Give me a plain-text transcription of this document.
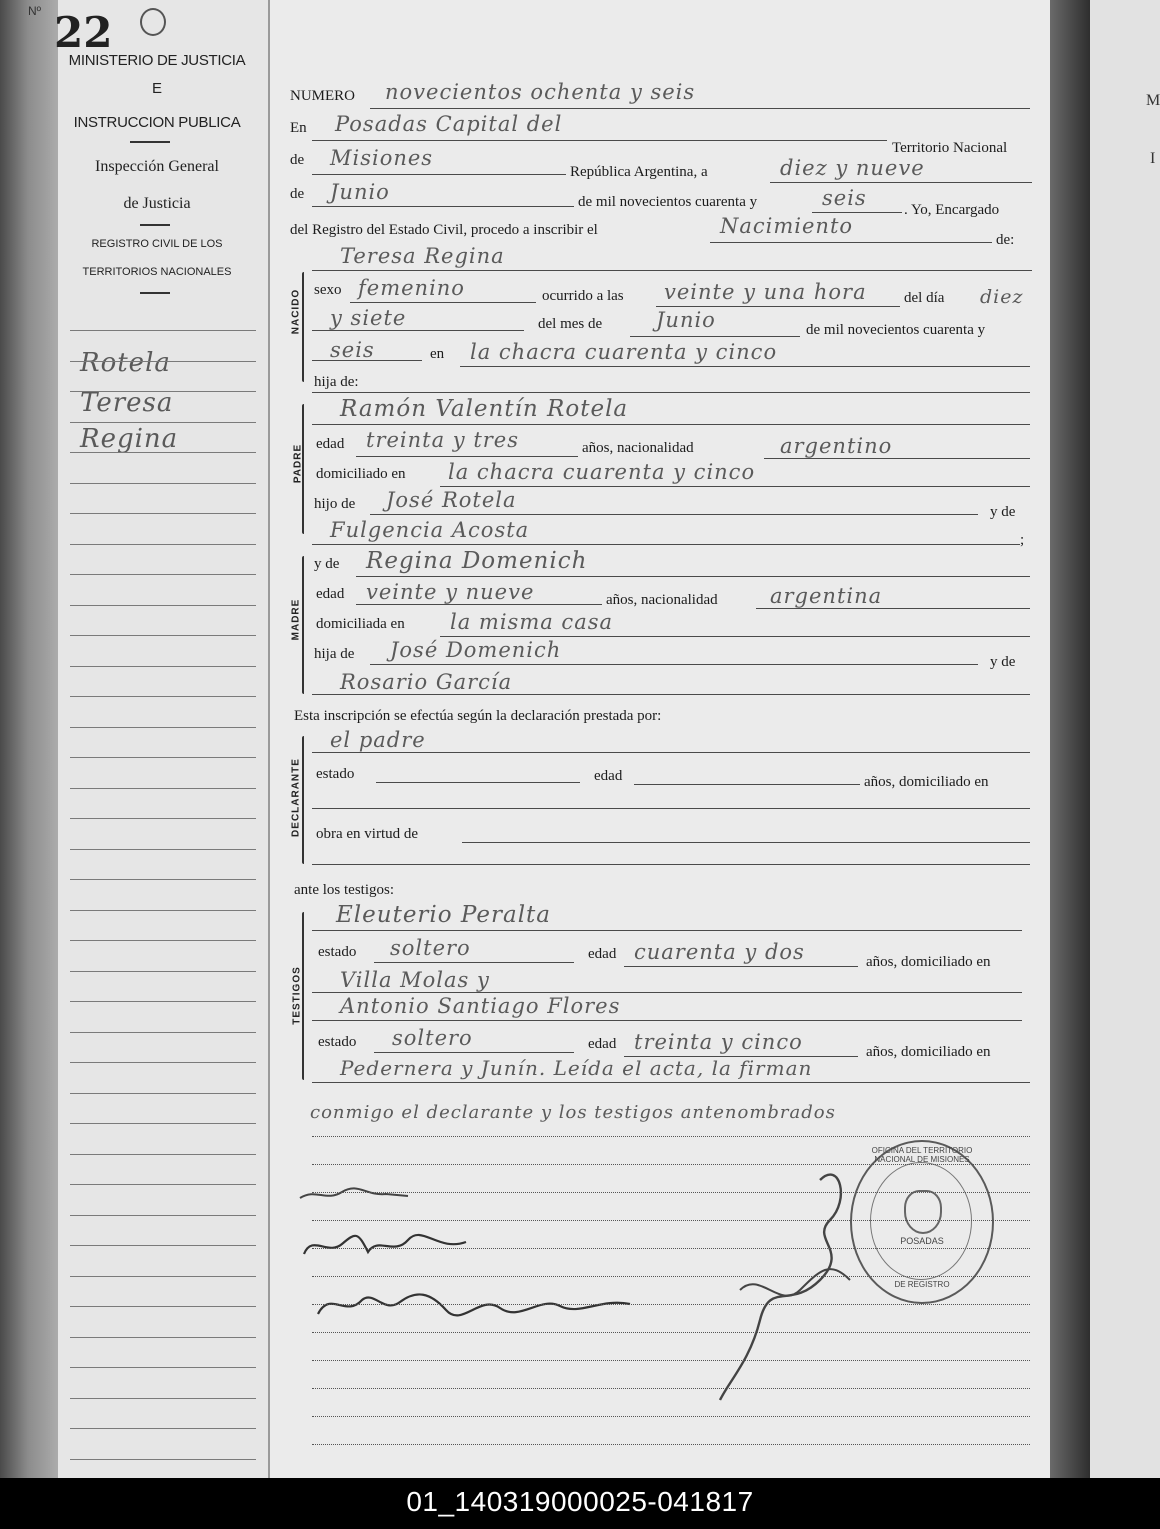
Nº 22
MINISTERIO DE JUSTICIA
E
INSTRUCCION PUBLICA
Inspección General
de Justicia
REGISTRO CIVIL DE LOS
TERRITORIOS NACIONALES
Rotela
Teresa
Regina
M
I
NUMERO novecientos ochenta y seis
En Posadas Capital del
Territorio Nacional
de Misiones
República Argentina, a	diez y nueve
de Junio	de mil novecientos cuarenta y	seis . Yo, Encargado
del Registro del Estado Civil, procedo a inscribir el	Nacimiento
de:
Teresa Regina
NACIDO sexo femenino	ocurrido a las veinte y una hora del día diez
y siete	del mes de	Junio	de mil novecientos cuarenta y
seis	en la chacra cuarenta y cinco
hija de:
PADRE
Ramón Valentín Rotela
edad treinta y tres	años, nacionalidad	argentino
domiciliado en la chacra cuarenta y cinco
hijo de José Rotela	y de
Fulgencia Acosta	;
MADRE
y de Regina Domenich
edad veinte y nueve	años, nacionalidad argentina
domiciliada en la misma casa
hija de José Domenich	y de
Rosario García
Esta inscripción se efectúa según la declaración prestada por:
DECLARANTE
el padre
estado	edad	años, domiciliado en
obra en virtud de
ante los testigos:
TESTIGOS
Eleuterio Peralta
estado soltero	edad cuarenta y dos	años, domiciliado en
Villa Molas y
Antonio Santiago Flores
estado soltero	edad treinta y cinco	años, domiciliado en
Pedernera y Junín. Leída el acta, la firman
conmigo el declarante y los testigos antenombrados
OFICINA DEL TERRITORIO NACIONAL DE MISIONES
POSADAS
DE REGISTRO
01_140319000025-041817
